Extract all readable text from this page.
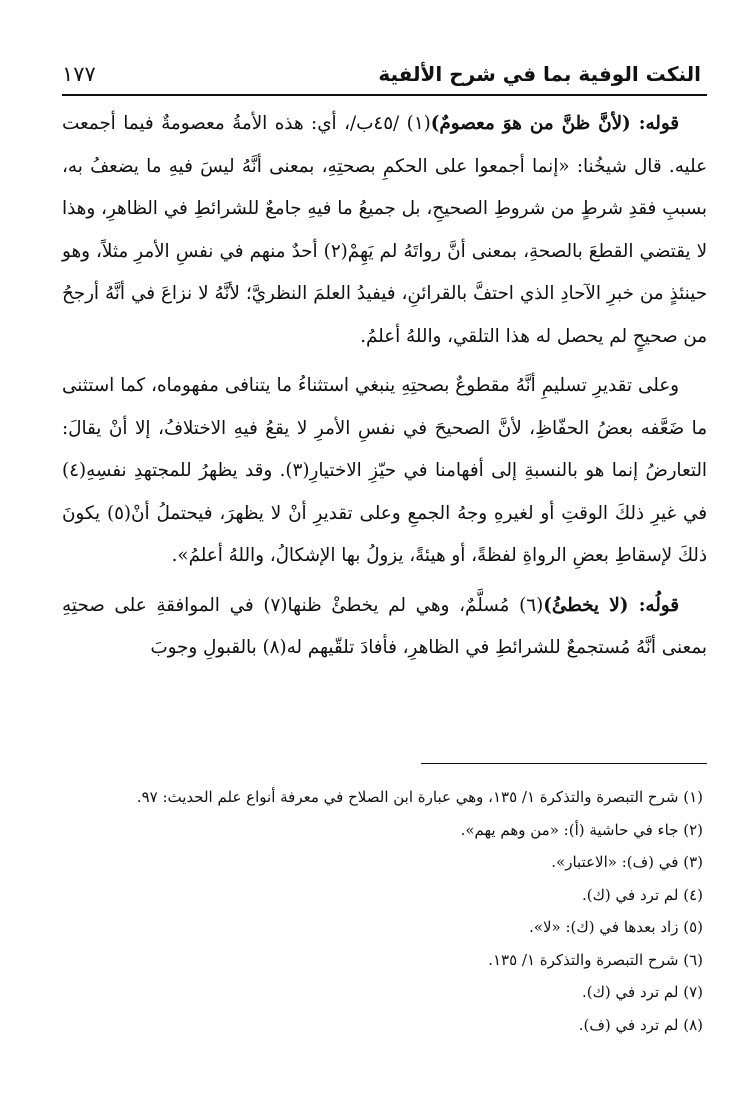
النكت الوفية بما في شرح الألفية
١٧٧

قوله: (لأنَّ ظنَّ من هوَ معصومٌ)(١) /٤٥ب/، أي: هذه الأمةُ معصومةٌ فيما أجمعت عليه. قال شيخُنا: «إنما أجمعوا على الحكمِ بصحتِهِ، بمعنى أنَّهُ ليسَ فيهِ ما يضعفُ به، بسببِ فقدِ شرطٍ من شروطِ الصحيحِ، بل جميعُ ما فيهِ جامعٌ للشرائطِ في الظاهرِ، وهذا لا يقتضي القطعَ بالصحةِ، بمعنى أنَّ رواتَهُ لم يَهِمْ(٢) أحدٌ منهم في نفسِ الأمرِ مثلاً، وهو حينئذٍ من خبرِ الآحادِ الذي احتفَّ بالقرائنِ، فيفيدُ العلمَ النظريَّ؛ لأنَّهُ لا نزاعَ في أنَّهُ أرجحُ من صحيحٍ لم يحصل له هذا التلقي، واللهُ أعلمُ.

وعلى تقديرِ تسليمِ أنَّهُ مقطوعٌ بصحتِهِ ينبغي استثناءُ ما يتنافى مفهوماه، كما استثنى ما ضَعَّفه بعضُ الحفّاظِ، لأنَّ الصحيحَ في نفسِ الأمرِ لا يقعُ فيهِ الاختلافُ، إلا أنْ يقالَ: التعارضُ إنما هو بالنسبةِ إلى أفهامنا في حيّزِ الاختيارِ(٣). وقد يظهرُ للمجتهدِ نفسِهِ(٤) في غيرِ ذلكَ الوقتِ أو لغيرهِ وجهُ الجمعِ وعلى تقديرِ أنْ لا يظهرَ، فيحتملُ أنْ(٥) يكونَ ذلكَ لإسقاطِ بعضِ الرواةِ لفظةً، أو هيئةً، يزولُ بها الإشكالُ، واللهُ أعلمُ».

قولُه: (لا يخطئُ)(٦) مُسلَّمٌ، وهي لم يخطئْ ظنها(٧) في الموافقةِ على صحتِهِ بمعنى أنَّهُ مُستجمعٌ للشرائطِ في الظاهرِ، فأفادَ تلقّيهم له(٨) بالقبولِ وجوبَ

(١) شرح التبصرة والتذكرة ١/ ١٣٥، وهي عبارة ابن الصلاح في معرفة أنواع علم الحديث: ٩٧.
(٢) جاء في حاشية (أ): «من وهم يهم».
(٣) في (ف): «الاعتبار».
(٤) لم ترد في (ك).
(٥) زاد بعدها في (ك): «لا».
(٦) شرح التبصرة والتذكرة ١/ ١٣٥.
(٧) لم ترد في (ك).
(٨) لم ترد في (ف).
